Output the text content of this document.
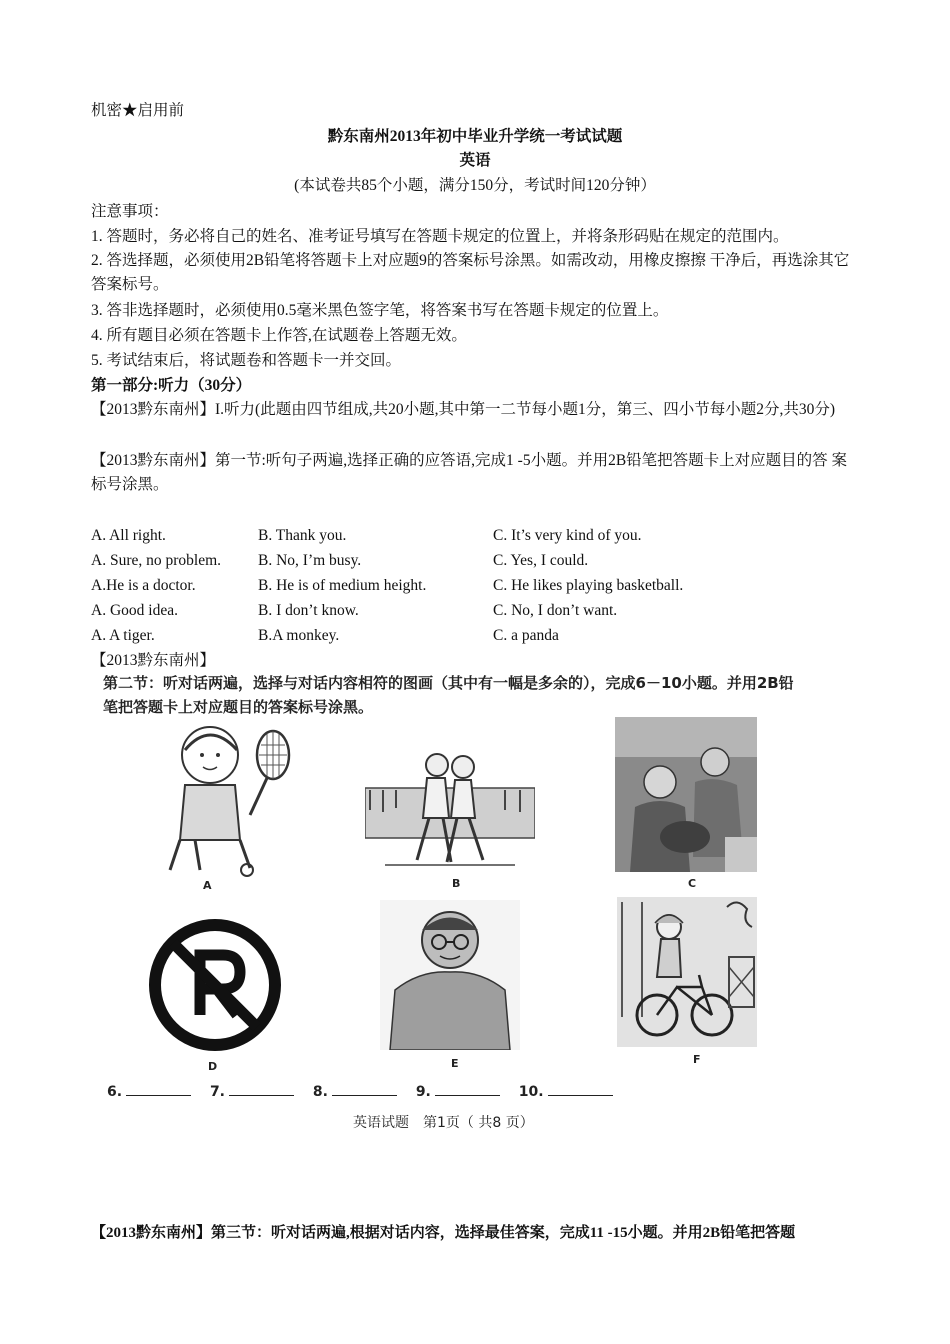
机密★启用前
黔东南州2013年初中毕业升学统一考试试题
英语
(本试卷共85个小题，满分150分，考试时间120分钟）
注意事项：
1. 答题时，务必将自己的姓名、准考证号填写在答题卡规定的位置上，并将条形码贴在规定的范围内。
2. 答选择题，必须使用2B铅笔将答题卡上对应题9的答案标号涂黑。如需改动，用橡皮擦擦 干净后，再选涂其它答案标号。
3. 答非选择题时，必须使用0.5毫米黑色签字笔，将答案书写在答题卡规定的位置上。
4. 所有题目必须在答题卡上作答,在试题卷上答题无效。
5. 考试结束后，将试题卷和答题卡一并交回。
第一部分:听力（30分）
【2013黔东南州】I.听力(此题由四节组成,共20小题,其中第一二节每小题1分，第三、四小节每小题2分,共30分)
【2013黔东南州】第一节:听句子两遍,选择正确的应答语,完成1 -5小题。并用2B铅笔把答题卡上对应题目的答 案标号涂黑。
A. All right.	B. Thank you.	C. It’s very kind of you.
A. Sure, no problem. B. No, I’m busy.	C. Yes, I could.
A.He is a doctor.	B. He is of medium height.	C. He likes playing basketball.
A. Good idea.	B. I don’t know.	C. No, I don’t want.
A. A tiger.	B.A monkey.	C. a panda
【2013黔东南州】
第二节：听对话两遍，选择与对话内容相符的图画（其中有一幅是多余的），完成6－10小题。并用2B铅笔把答题卡上对应题目的答案标号涂黑。
A	B	C
D	E	F
6.	7.	8.	9.	10.
英语试题　第1页（ 共8 页）
【2013黔东南州】第三节：听对话两遍,根据对话内容，选择最佳答案，完成11 -15小题。并用2B铅笔把答题
